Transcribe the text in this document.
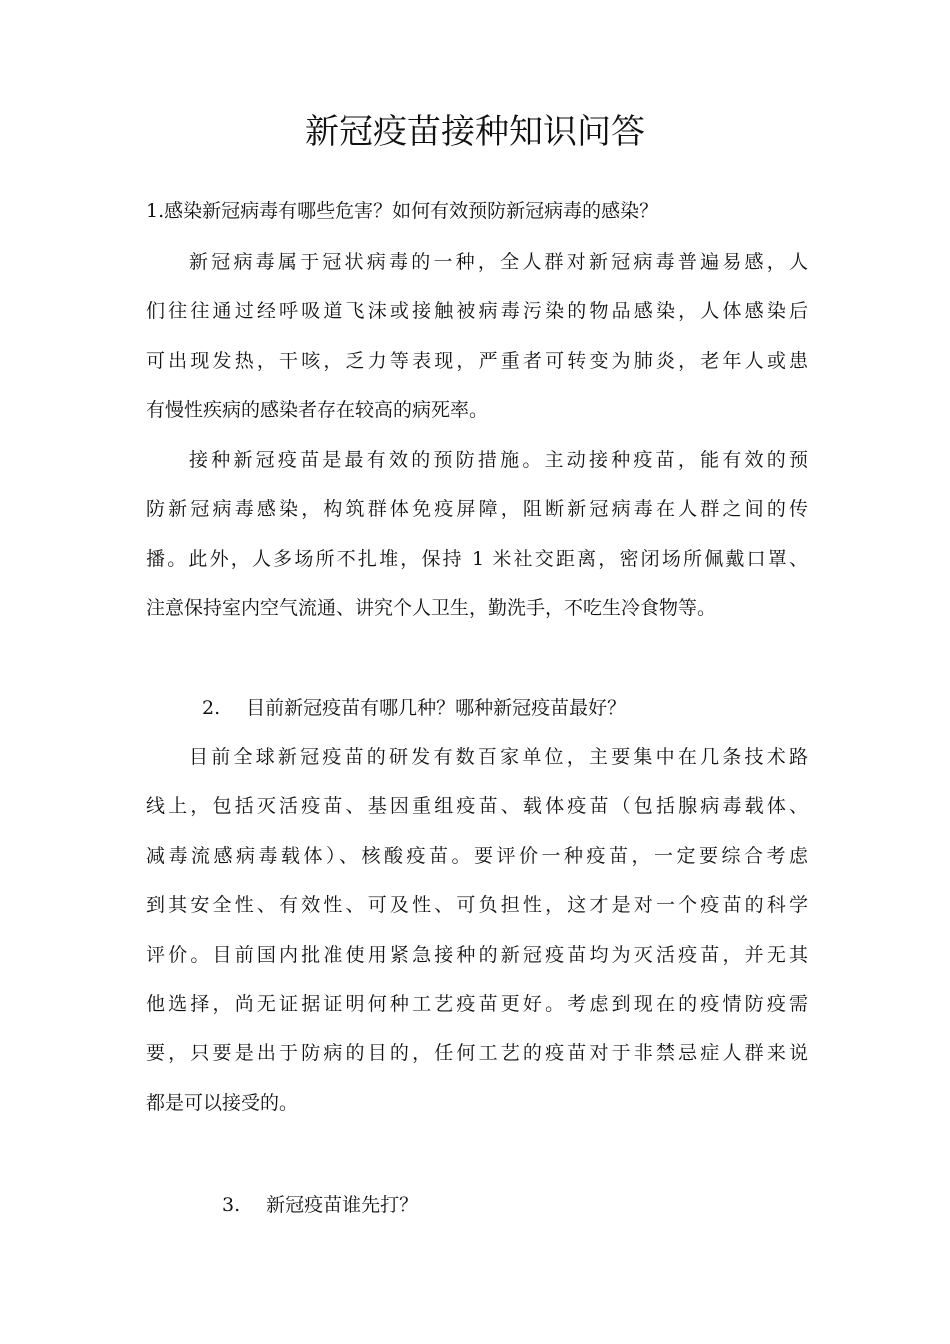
新冠疫苗接种知识问答

1.感染新冠病毒有哪些危害？如何有效预防新冠病毒的感染？

新冠病毒属于冠状病毒的一种，全人群对新冠病毒普遍易感，人
们往往通过经呼吸道飞沫或接触被病毒污染的物品感染，人体感染后
可出现发热，干咳，乏力等表现，严重者可转变为肺炎，老年人或患
有慢性疾病的感染者存在较高的病死率。
接种新冠疫苗是最有效的预防措施。主动接种疫苗，能有效的预
防新冠病毒感染，构筑群体免疫屏障，阻断新冠病毒在人群之间的传
播。此外，人多场所不扎堆，保持 1 米社交距离，密闭场所佩戴口罩、
注意保持室内空气流通、讲究个人卫生，勤洗手，不吃生冷食物等。

2. 目前新冠疫苗有哪几种？哪种新冠疫苗最好？

目前全球新冠疫苗的研发有数百家单位，主要集中在几条技术路
线上，包括灭活疫苗、基因重组疫苗、载体疫苗（包括腺病毒载体、
减毒流感病毒载体）、核酸疫苗。要评价一种疫苗，一定要综合考虑
到其安全性、有效性、可及性、可负担性，这才是对一个疫苗的科学
评价。目前国内批准使用紧急接种的新冠疫苗均为灭活疫苗，并无其
他选择，尚无证据证明何种工艺疫苗更好。考虑到现在的疫情防疫需
要，只要是出于防病的目的，任何工艺的疫苗对于非禁忌症人群来说
都是可以接受的。

3. 新冠疫苗谁先打？
